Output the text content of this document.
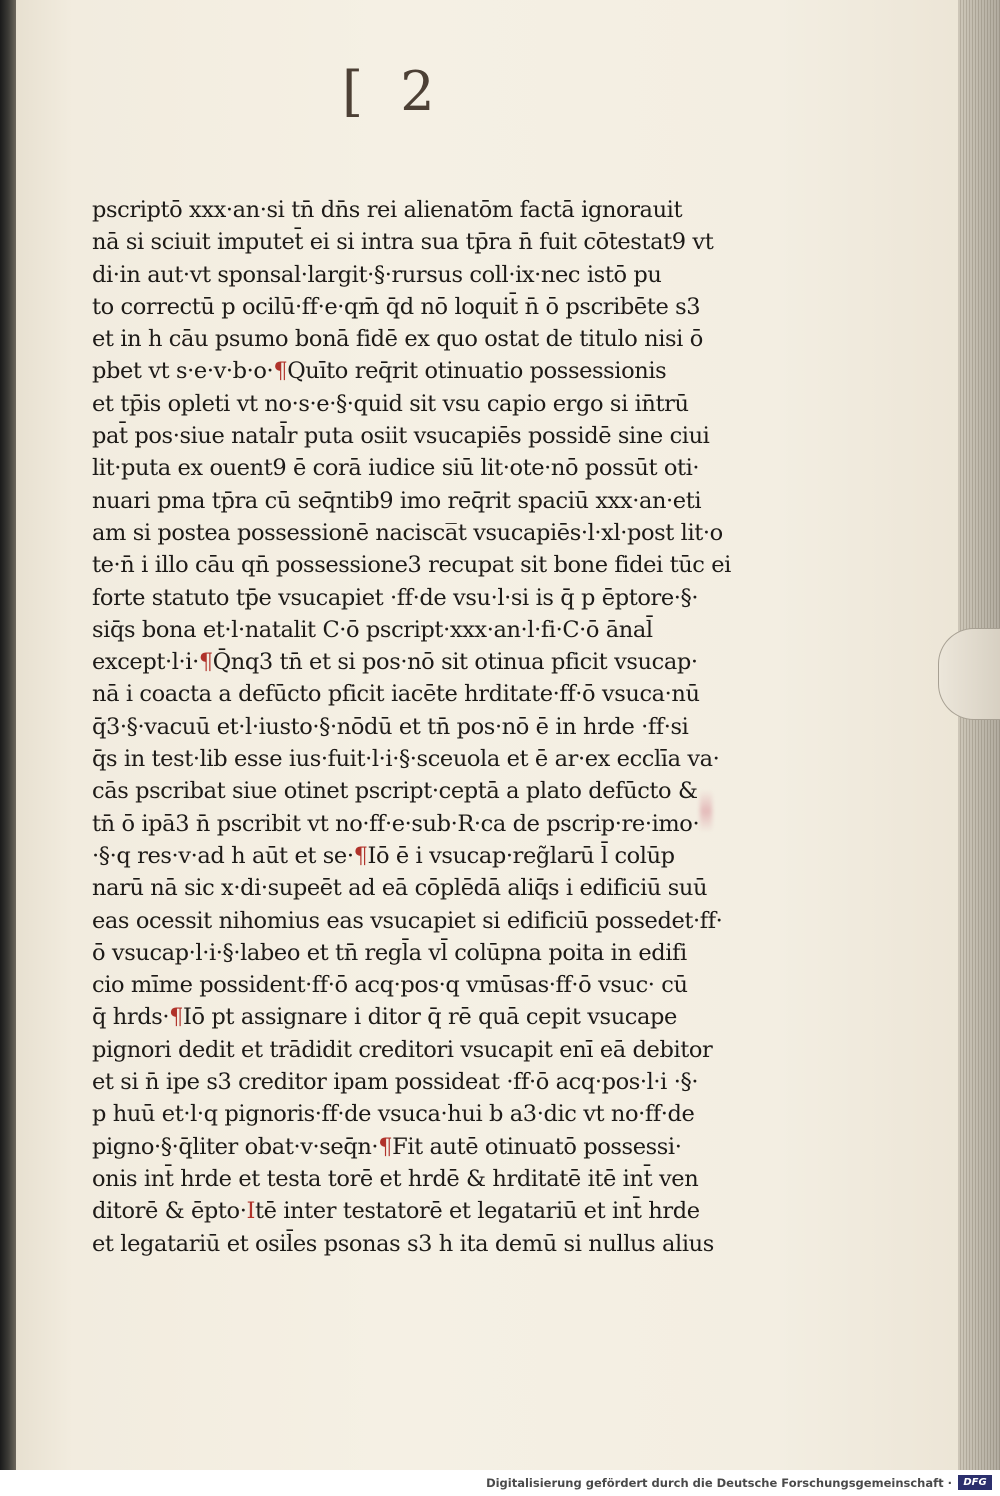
[ 2
pscriptō xxx·an·si tn̄ dn̄s rei alienatōm factā ignorauit
nā si sciuit imputet̄ ei si intra sua tp̄ra n̄ fuit cōtestat9 vt
di·in aut·vt sponsal·largit·§·rursus coll·ix·nec istō pu
to correctū p ocilū·ff·e·qm̄ q̄d nō loquit̄ n̄ ō pscribēte s3
et in h cāu psumo bonā fidē ex quo ostat de titulo nisi ō
pbet vt s·e·v·b·o·¶Quīto req̄rit otinuatio possessionis
et tp̄is opleti vt no·s·e·§·quid sit vsu capio ergo si in̄trū
pat̄ pos·siue natal̄r puta osiit vsucapiēs possidē sine ciui
lit·puta ex ouent9 ē corā iudice siū lit·ote·nō possūt oti·
nuari pma tp̄ra cū seq̄ntib9 imo req̄rit spaciū xxx·an·eti
am si postea possessionē nacisca̅t vsucapiēs·l·xl·post lit·o
te·n̄ i illo cāu qn̄ possessione3 recupat sit bone fidei tūc ei
forte statuto tp̄e vsucapiet ·ff·de vsu·l·si is q̄ p ēptore·§·
siq̄s bona et·l·natalit C·ō pscript·xxx·an·l·fi·C·ō ānal̄
except·l·i·¶Q̄nq3 tn̄ et si pos·nō sit otinua pficit vsucap·
nā i coacta a defūcto pficit iacēte hrditate·ff·ō vsuca·nū
q̄3·§·vacuū et·l·iusto·§·nōdū et tn̄ pos·nō ē in hrde ·ff·si
q̄s in test·lib esse ius·fuit·l·i·§·sceuola et ē ar·ex ecclīa va·
cās pscribat siue otinet pscript·ceptā a plato defūcto &
tn̄ ō ipā3 n̄ pscribit vt no·ff·e·sub·R·ca de pscrip·re·imo·
·§·q res·v·ad h aūt et se·¶Iō ē i vsucap·reg̃larū l̄ colūp
narū nā sic x·di·supeēt ad eā cōplēdā aliq̄s i edificiū suū
eas ocessit nihomius eas vsucapiet si edificiū possedet·ff·
ō vsucap·l·i·§·labeo et tn̄ regl̄a vl̄ colūpna poita in edifi
cio mīme possident·ff·ō acq·pos·q vmūsas·ff·ō vsuc· cū
q̄ hrds·¶Iō pt assignare i ditor q̄ rē quā cepit vsucape
pignori dedit et trādidit creditori vsucapit enī eā debitor
et si n̄ ipe s3 creditor ipam possideat ·ff·ō acq·pos·l·i ·§·
p huū et·l·q pignoris·ff·de vsuca·hui b a3·dic vt no·ff·de
pigno·§·q̄liter obat·v·seq̄n·¶Fit autē otinuatō possessi·
onis int̄ hrde et testa torē et hrdē & hrditatē itē int̄ ven
ditorē & ēpto·Itē inter testatorē et legatariū et int̄ hrde
et legatariū et osil̄es psonas s3 h ita demū si nullus alius
Digitalisierung gefördert durch die Deutsche Forschungsgemeinschaft ·	DFG
